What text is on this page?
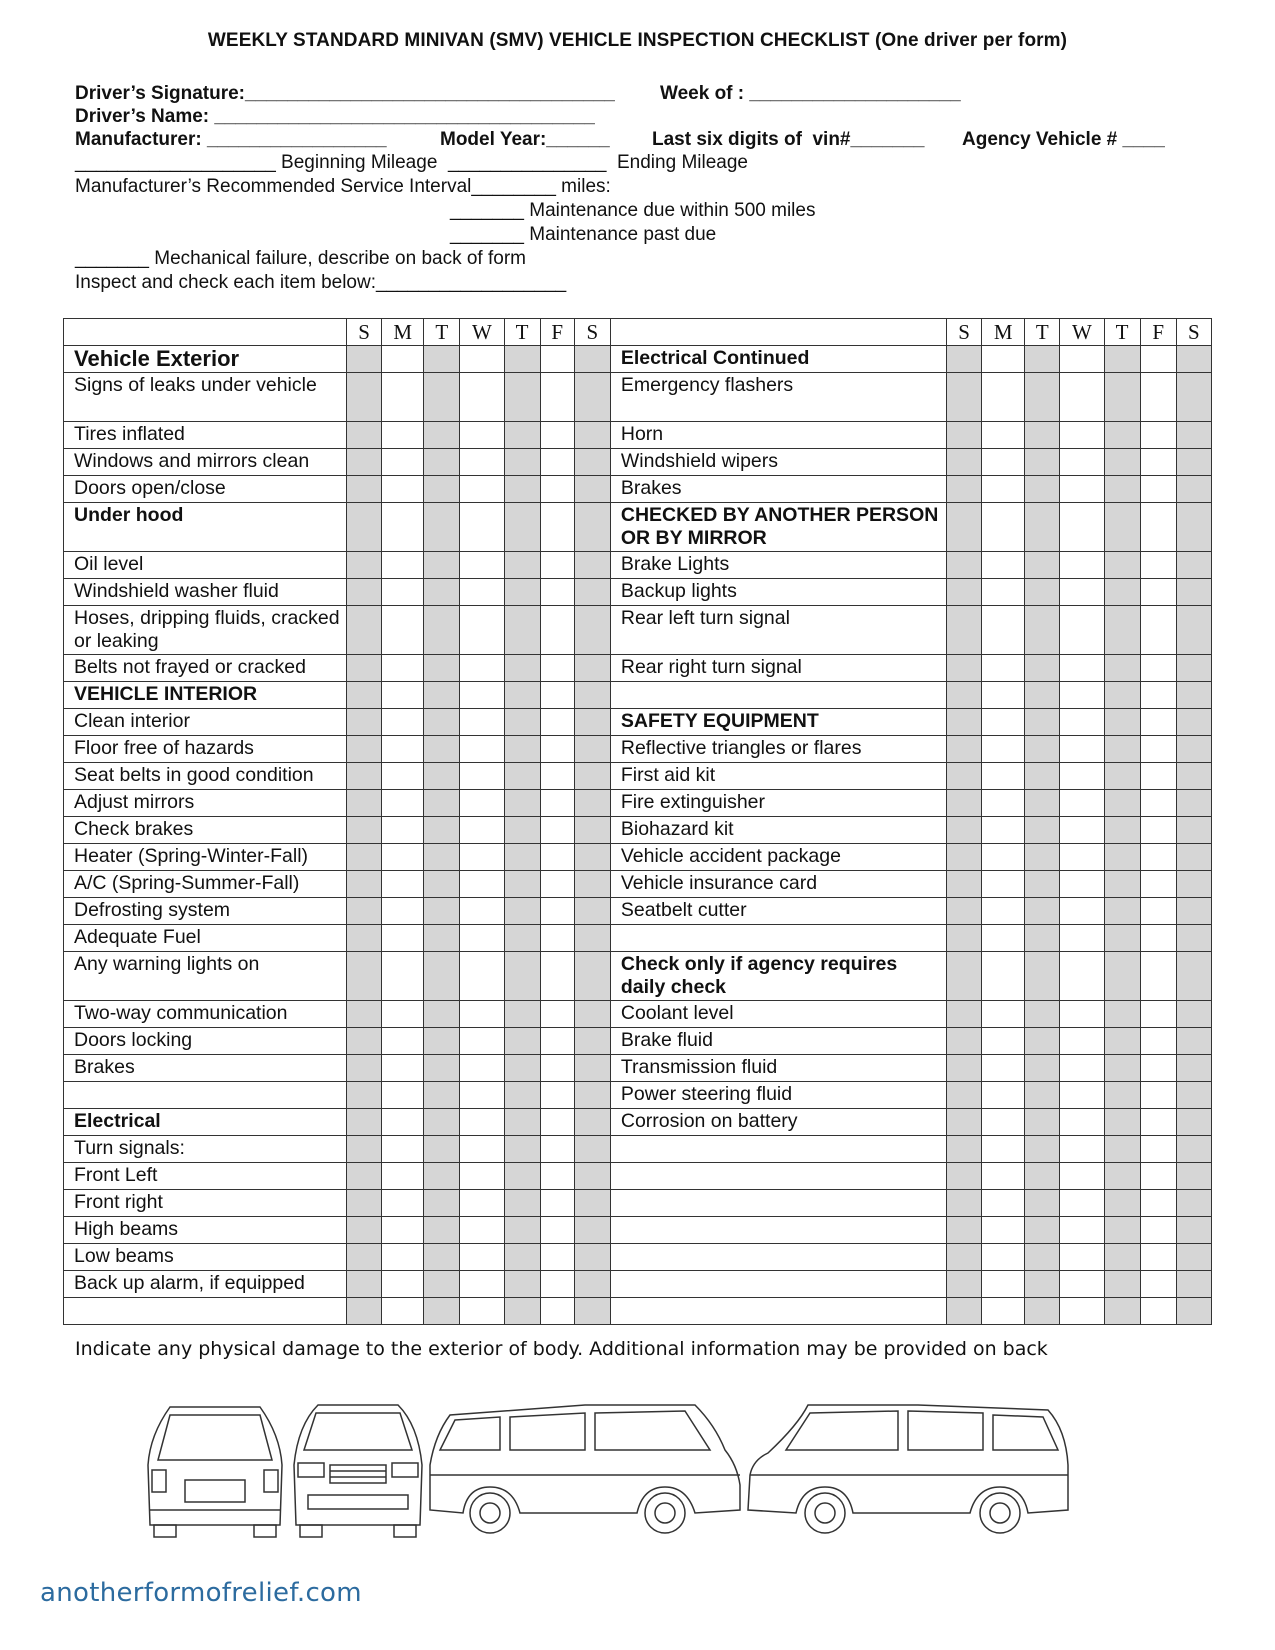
WEEKLY STANDARD MINIVAN (SMV) VEHICLE INSPECTION CHECKLIST (One driver per form)
Driver’s Signature:___________________________________	Week of : ____________________
Driver’s Name: ____________________________________
Manufacturer: _________________	Model Year:______	Last six digits of  vin#_______	Agency Vehicle # ____
___________________ Beginning Mileage  _______________  Ending Mileage
Manufacturer’s Recommended Service Interval________ miles:
_______ Maintenance due within 500 miles
_______ Maintenance past due
_______ Mechanical failure, describe on back of form
Inspect and check each item below:__________________
	S	M	T	W	T	F	S		S	M	T	W	T	F	S
Vehicle Exterior								Electrical Continued							
Signs of leaks under vehicle								Emergency flashers							
Tires inflated								Horn							
Windows and mirrors clean								Windshield wipers							
Doors open/close								Brakes							
Under hood								CHECKED BY ANOTHER PERSON OR BY MIRROR							
Oil level								Brake Lights							
Windshield washer fluid								Backup lights							
Hoses, dripping fluids, cracked or leaking								Rear left turn signal							
Belts not frayed or cracked								Rear right turn signal							
VEHICLE INTERIOR															
Clean interior								SAFETY EQUIPMENT							
Floor free of hazards								Reflective triangles or flares							
Seat belts in good condition								First aid kit							
Adjust mirrors								Fire extinguisher							
Check brakes								Biohazard kit							
Heater (Spring-Winter-Fall)								Vehicle accident package							
A/C (Spring-Summer-Fall)								Vehicle insurance card							
Defrosting system								Seatbelt cutter							
Adequate Fuel															
Any warning lights on								Check only if agency requires daily check							
Two-way communication								Coolant level							
Doors locking								Brake fluid							
Brakes								Transmission fluid							
								Power steering fluid							
Electrical								Corrosion on battery							
Turn signals:															
Front Left															
Front right															
High beams															
Low beams															
Back up alarm, if equipped															

Indicate any physical damage to the exterior of body. Additional information may be provided on back
anotherformofrelief.com
